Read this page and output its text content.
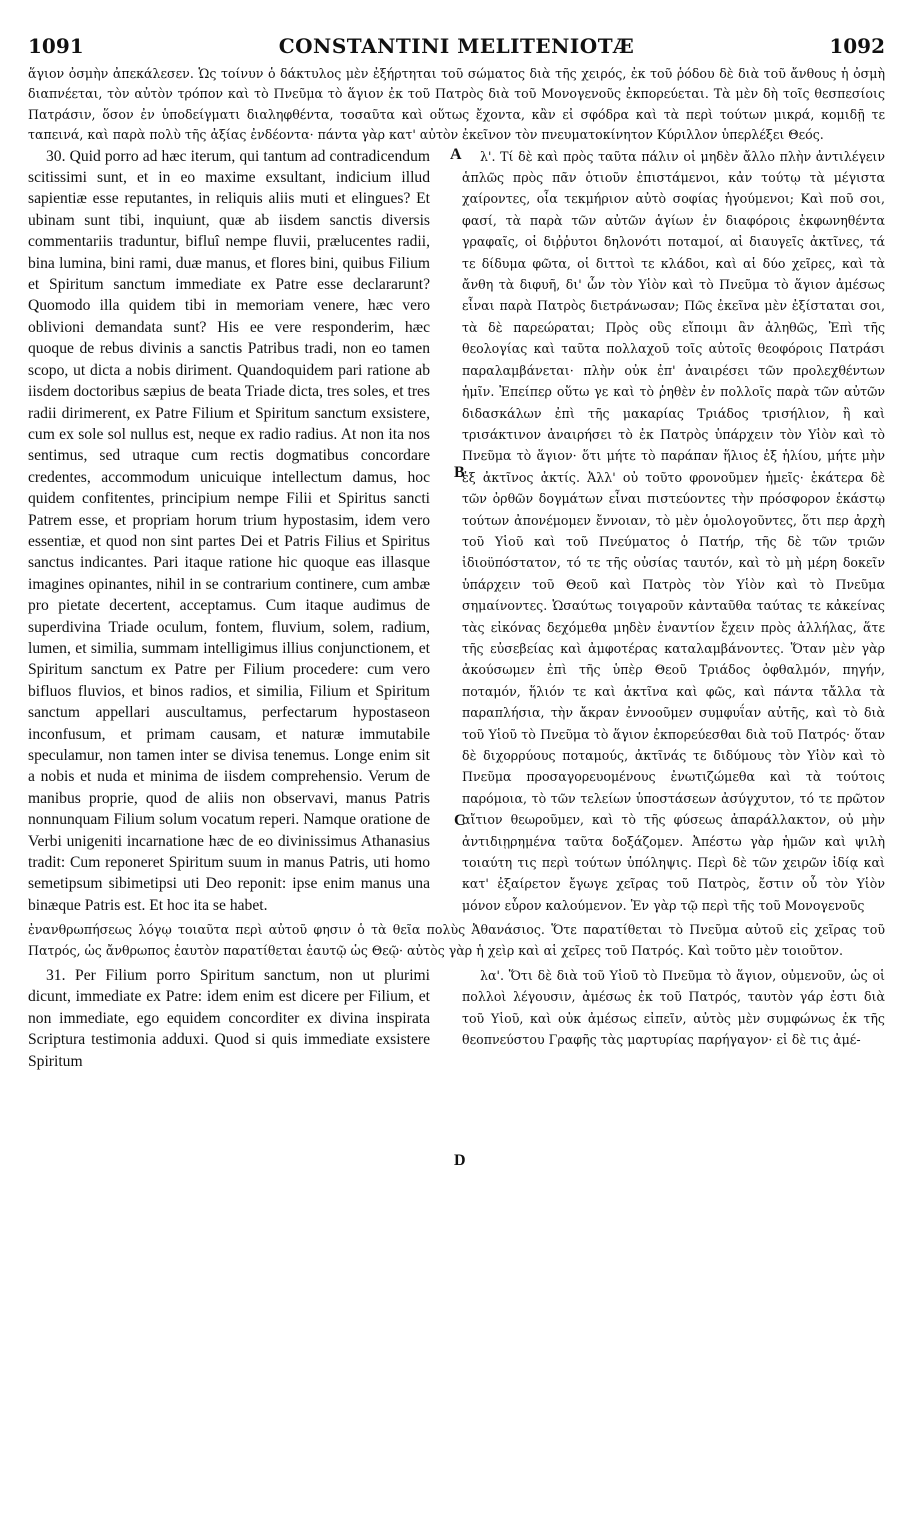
1091	CONSTANTINI MELITENIOTÆ	1092

ἅγιον ὀσμὴν ἀπεκάλεσεν. Ὡς τοίνυν ὁ δάκτυλος μὲν ἐξήρτηται τοῦ σώματος διὰ τῆς χειρός, ἐκ τοῦ ῥόδου δὲ διὰ τοῦ ἄνθους ἡ ὀσμὴ διαπνέεται, τὸν αὐτὸν τρόπον καὶ τὸ Πνεῦμα τὸ ἅγιον ἐκ τοῦ Πατρὸς διὰ τοῦ Μονογενοῦς ἐκπορεύεται. Τὰ μὲν δὴ τοῖς θεσπεσίοις Πατράσιν, ὅσον ἐν ὑποδείγματι διαληφθέντα, τοσαῦτα καὶ οὕτως ἔχοντα, κἂν εἰ σφόδρα καὶ τὰ περὶ τούτων μικρά, κομιδῇ τε ταπεινά, καὶ παρὰ πολὺ τῆς ἀξίας ἐνδέοντα· πάντα γὰρ κατ' αὐτὸν ἐκεῖνον τὸν πνευματοκίνητον Κύριλλον ὑπερλέξει Θεός.

30. Quid porro ad hæc iterum, qui tantum ad contradicendum scitissimi sunt, et in eo maxime exsultant, indicium illud sapientiæ esse reputantes, in reliquis aliis muti et elingues? Et ubinam sunt tibi, inquiunt, quæ ab iisdem sanctis diversis commentariis traduntur, bifluî nempe fluvii, prælucentes radii, bina lumina, bini rami, duæ manus, et flores bini, quibus Filium et Spiritum sanctum immediate ex Patre esse declararunt? Quomodo illa quidem tibi in memoriam venere, hæc vero oblivioni demandata sunt? His ee vere responderim, hæc quoque de rebus divinis a sanctis Patribus tradi, non eo tamen scopo, ut dicta a nobis diriment. Quandoquidem pari ratione ab iisdem doctoribus sæpius de beata Triade dicta, tres soles, et tres radii dirimerent, ex Patre Filium et Spiritum sanctum exsistere, cum ex sole sol nullus est, neque ex radio radius. At non ita nos sentimus, sed utraque cum rectis dogmatibus concordare credentes, accommodum unicuique intellectum damus, hoc quidem confitentes, principium nempe Filii et Spiritus sancti Patrem esse, et propriam horum trium hypostasim, idem vero essentiæ, et quod non sint partes Dei et Patris Filius et Spiritus sanctus indicantes. Pari itaque ratione hic quoque eas illasque imagines opinantes, nihil in se contrarium continere, cum ambæ pro pietate decertent, acceptamus. Cum itaque audimus de superdivina Triade oculum, fontem, fluvium, solem, radium, lumen, et similia, summam intelligimus illius conjunctionem, et Spiritum sanctum ex Patre per Filium procedere: cum vero bifluos fluvios, et binos radios, et similia, Filium et Spiritum sanctum appellari auscultamus, perfectarum hypostaseon inconfusum, et primam causam, et naturæ immutabile speculamur, non tamen inter se divisa tenemus. Longe enim sit a nobis et nuda et minima de iisdem comprehensio. Verum de manibus proprie, quod de aliis non observavi, manus Patris nonnunquam Filium solum vocatum reperi. Namque oratione de Verbi unigeniti incarnatione hæc de eo divinissimus Athanasius tradit: Cum reponeret Spiritum suum in manus Patris, uti homo semetipsum sibimetipsi uti Deo reponit: ipse enim manus una binæque Patris est. Et hoc ita se habet.

λ'. Τί δὲ καὶ πρὸς ταῦτα πάλιν οἱ μηδὲν ἄλλο πλὴν ἀντιλέγειν ἁπλῶς πρὸς πᾶν ὁτιοῦν ἐπιστάμενοι, κἀν τούτῳ τὰ μέγιστα χαίροντες, οἷα τεκμήριον αὐτὸ σοφίας ἡγούμενοι; Καὶ ποῦ σοι, φασί, τὰ παρὰ τῶν αὐτῶν ἁγίων ἐν διαφόροις ἐκφωνηθέντα γραφαῖς, οἱ διῤῥυτοι δηλονότι ποταμοί, αἱ διαυγεῖς ἀκτῖνες, τά τε δίδυμα φῶτα, οἱ διττοὶ τε κλάδοι, καὶ αἱ δύο χεῖρες, καὶ τὰ ἄνθη τὰ διφυῆ, δι' ὧν τὸν Υἱὸν καὶ τὸ Πνεῦμα τὸ ἅγιον ἀμέσως εἶναι παρὰ Πατρὸς διετράνωσαν; Πῶς ἐκεῖνα μὲν ἐξίσταται σοι, τὰ δὲ παρεώραται; Πρὸς οὓς εἴποιμι ἂν ἀληθῶς, Ἐπὶ τῆς θεολογίας καὶ ταῦτα πολλαχοῦ τοῖς αὐτοῖς θεοφόροις Πατράσι παραλαμβάνεται· πλὴν οὐκ ἐπ' ἀναιρέσει τῶν προλεχθέντων ἡμῖν. Ἐπείπερ οὕτω γε καὶ τὸ ῥηθὲν ἐν πολλοῖς παρὰ τῶν αὐτῶν διδασκάλων ἐπὶ τῆς μακαρίας Τριάδος τρισήλιον, ἢ καὶ τρισάκτινον ἀναιρήσει τὸ ἐκ Πατρὸς ὑπάρχειν τὸν Υἱὸν καὶ τὸ Πνεῦμα τὸ ἅγιον· ὅτι μήτε τὸ παράπαν ἥλιος ἐξ ἡλίου, μήτε μὴν ἐξ ἀκτῖνος ἀκτίς. Ἀλλ' οὐ τοῦτο φρονοῦμεν ἡμεῖς· ἑκάτερα δὲ τῶν ὀρθῶν δογμάτων εἶναι πιστεύοντες τὴν πρόσφορον ἑκάστῳ τούτων ἀπονέμομεν ἔννοιαν, τὸ μὲν ὁμολογοῦντες, ὅτι περ ἀρχὴ τοῦ Υἱοῦ καὶ τοῦ Πνεύματος ὁ Πατήρ, τῆς δὲ τῶν τριῶν ἰδιοϋπόστατον, τό τε τῆς οὐσίας ταυτόν, καὶ τὸ μὴ μέρη δοκεῖν ὑπάρχειν τοῦ Θεοῦ καὶ Πατρὸς τὸν Υἱὸν καὶ τὸ Πνεῦμα σημαίνοντες. Ὡσαύτως τοιγαροῦν κἀνταῦθα ταύτας τε κἀκείνας τὰς εἰκόνας δεχόμεθα μηδὲν ἐναντίον ἔχειν πρὸς ἀλλήλας, ἅτε τῆς εὐσεβείας καὶ ἀμφοτέρας καταλαμβάνοντες. Ὅταν μὲν γὰρ ἀκούσωμεν ἐπὶ τῆς ὑπὲρ Θεοῦ Τριάδος ὀφθαλμόν, πηγήν, ποταμόν, ἥλιόν τε καὶ ἀκτῖνα καὶ φῶς, καὶ πάντα τἄλλα τὰ παραπλήσια, τὴν ἄκραν ἐννοοῦμεν συμφυΐαν αὐτῆς, καὶ τὸ διὰ τοῦ Υἱοῦ τὸ Πνεῦμα τὸ ἅγιον ἐκπορεύεσθαι διὰ τοῦ Πατρός· ὅταν δὲ διχορρύους ποταμούς, ἀκτῖνάς τε διδύμους τὸν Υἱὸν καὶ τὸ Πνεῦμα προσαγορευομένους ἐνωτιζώμεθα καὶ τὰ τούτοις παρόμοια, τὸ τῶν τελείων ὑποστάσεων ἀσύγχυτον, τό τε πρῶτον αἴτιον θεωροῦμεν, καὶ τὸ τῆς φύσεως ἀπαράλλακτον, οὐ μὴν ἀντιδιῃρημένα ταῦτα δοξάζομεν. Ἀπέστω γὰρ ἡμῶν καὶ ψιλὴ τοιαύτη τις περὶ τούτων ὑπόληψις. Περὶ δὲ τῶν χειρῶν ἰδίᾳ καὶ κατ' ἐξαίρετον ἔγωγε χεῖρας τοῦ Πατρὸς, ἔστιν οὗ τὸν Υἱὸν μόνον εὗρον καλούμενον. Ἐν γὰρ τῷ περὶ τῆς τοῦ Μονογενοῦς

A
B
C
D

ἐνανθρωπήσεως λόγῳ τοιαῦτα περὶ αὐτοῦ φησιν ὁ τὰ θεῖα πολὺς Ἀθανάσιος. Ὅτε παρατίθεται τὸ Πνεῦμα αὐτοῦ εἰς χεῖρας τοῦ Πατρός, ὡς ἄνθρωπος ἑαυτὸν παρατίθεται ἑαυτῷ ὡς Θεῷ· αὐτὸς γὰρ ἡ χεὶρ καὶ αἱ χεῖρες τοῦ Πατρός. Καὶ τοῦτο μὲν τοιοῦτον.

31. Per Filium porro Spiritum sanctum, non ut plurimi dicunt, immediate ex Patre: idem enim est dicere per Filium, et non immediate, ego equidem concorditer ex divina inspirata Scriptura testimonia adduxi. Quod si quis immediate exsistere Spiritum

λα'. Ὅτι δὲ διὰ τοῦ Υἱοῦ τὸ Πνεῦμα τὸ ἅγιον, οὐμενοῦν, ὡς οἱ πολλοὶ λέγουσιν, ἀμέσως ἐκ τοῦ Πατρός, ταυτὸν γάρ ἐστι διὰ τοῦ Υἱοῦ, καὶ οὐκ ἀμέσως εἰπεῖν, αὐτὸς μὲν συμφώνως ἐκ τῆς θεοπνεύστου Γραφῆς τὰς μαρτυρίας παρήγαγον· εἰ δὲ τις ἀμέ-
